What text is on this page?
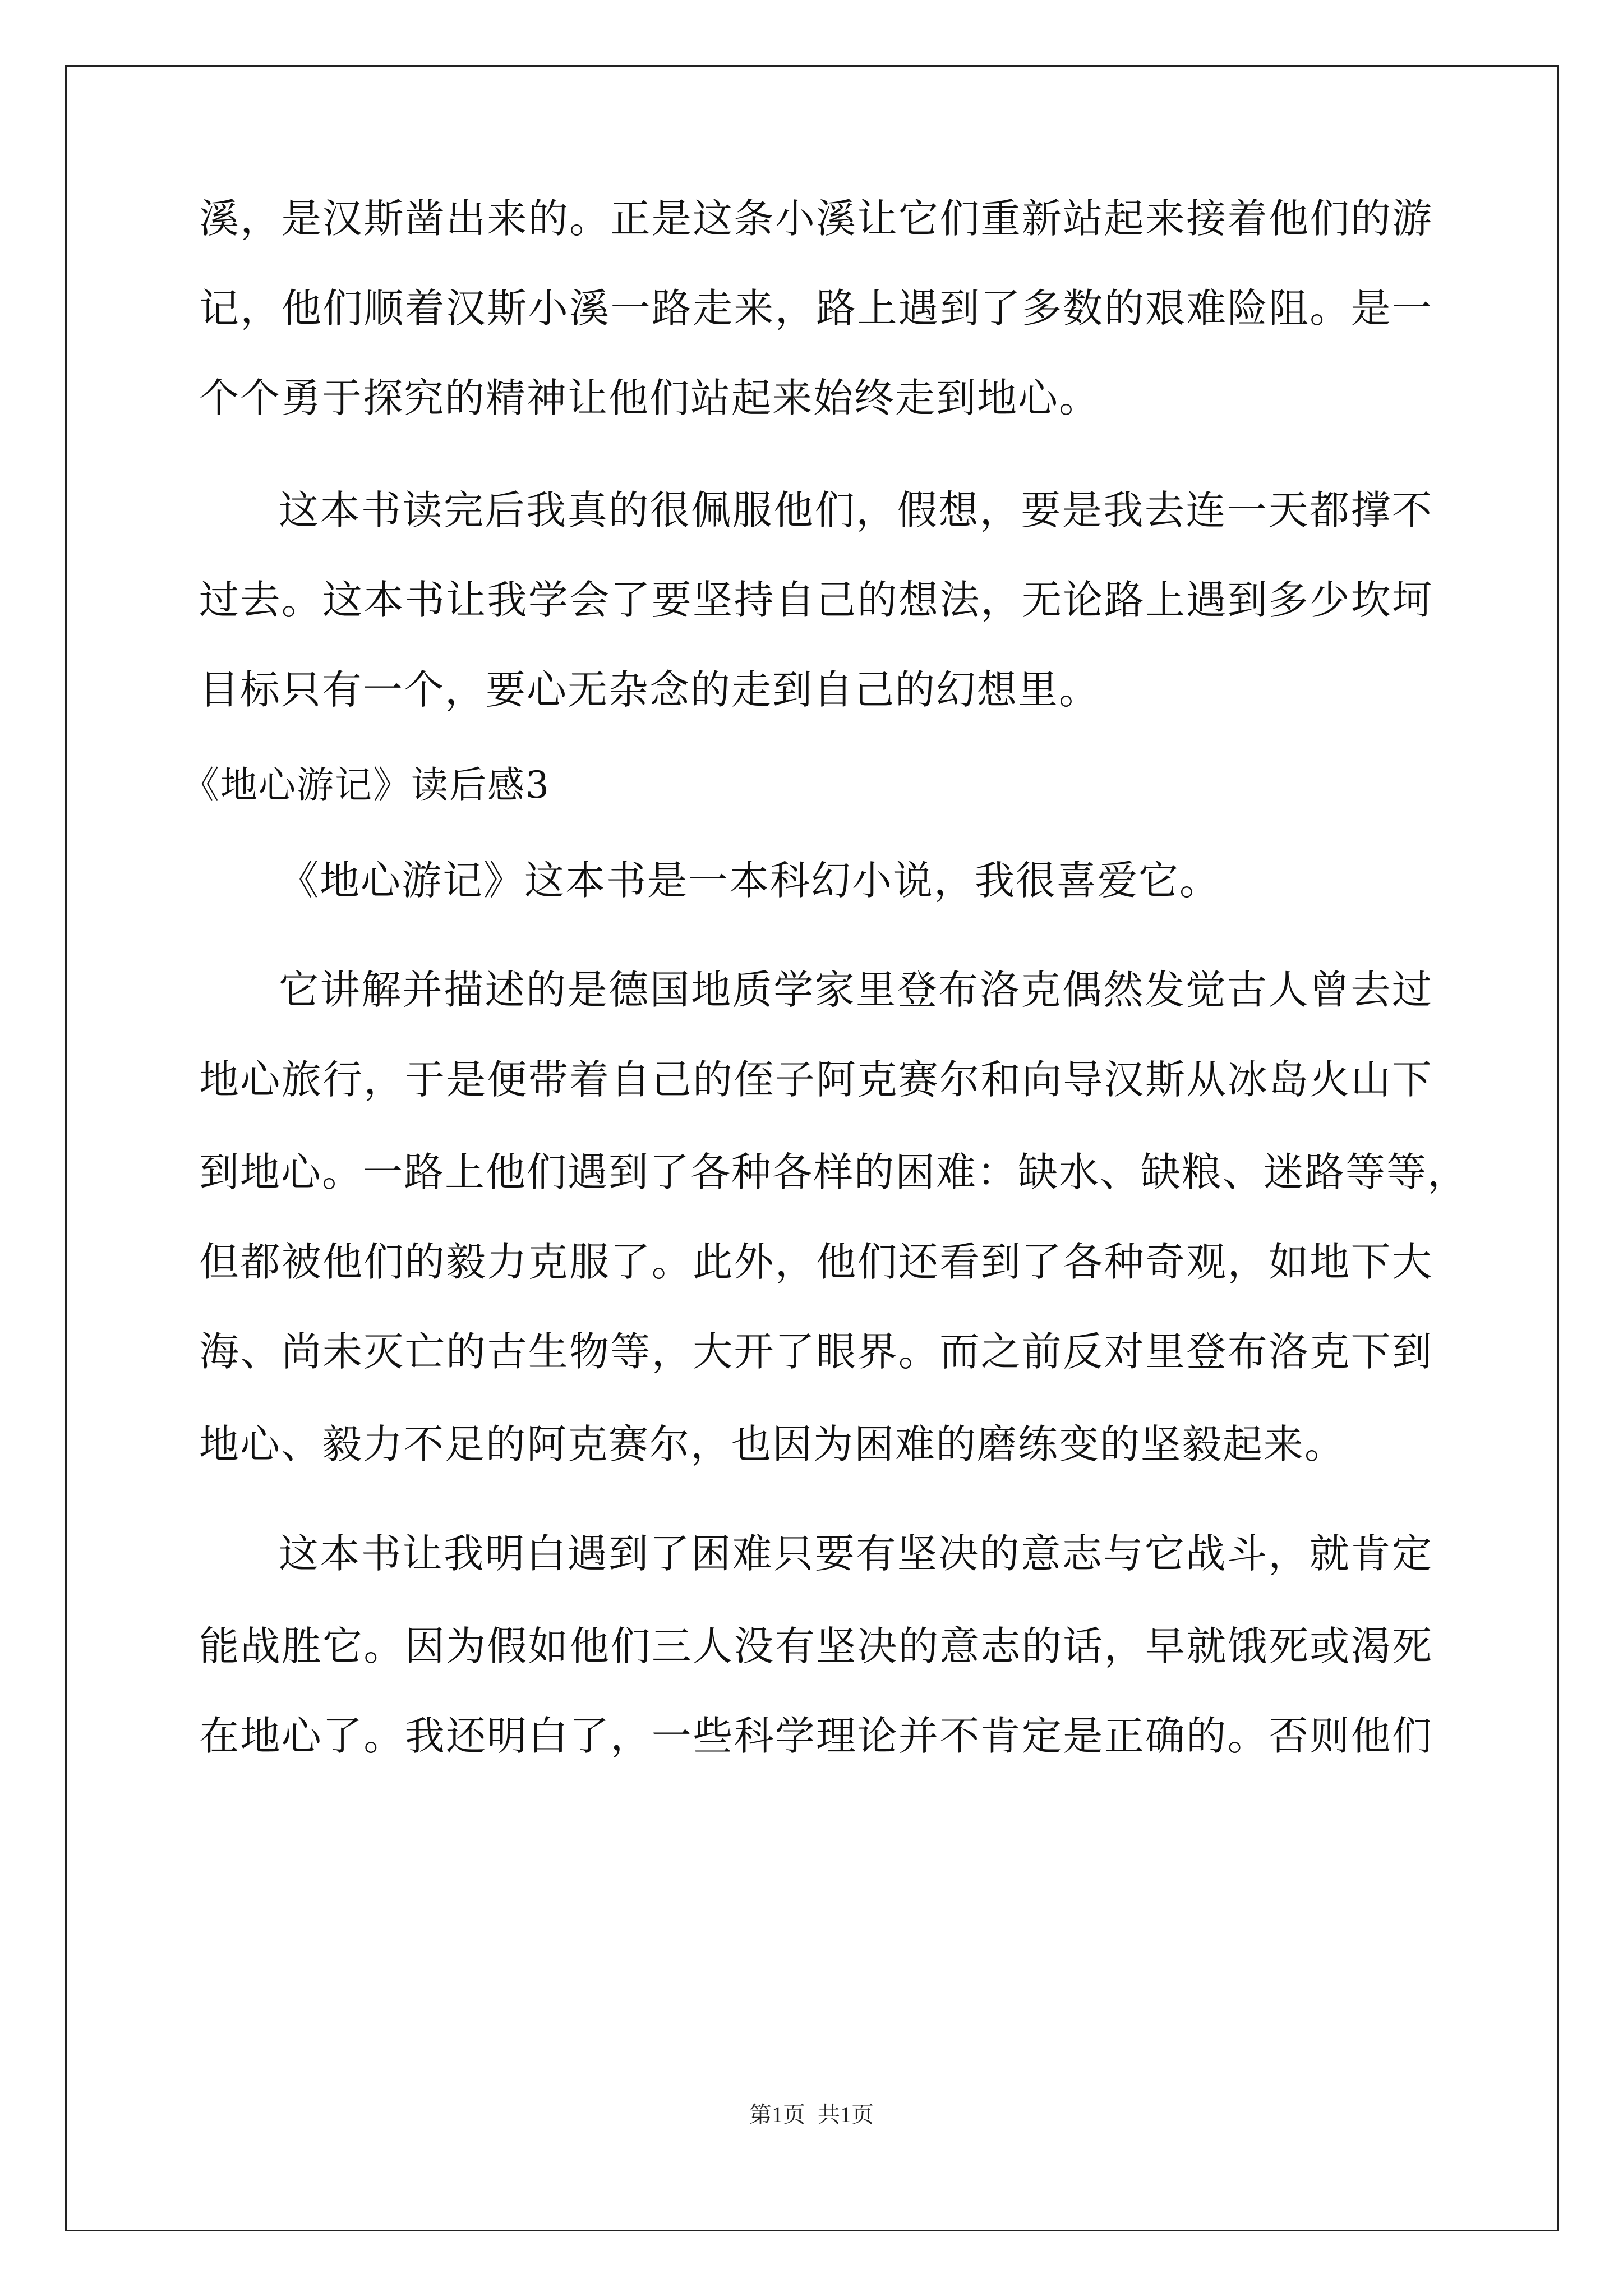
溪，是汉斯凿出来的。正是这条小溪让它们重新站起来接着他们的游
记，他们顺着汉斯小溪一路走来，路上遇到了多数的艰难险阻。是一
个个勇于探究的精神让他们站起来始终走到地心。
这本书读完后我真的很佩服他们，假想，要是我去连一天都撑不
过去。这本书让我学会了要坚持自己的想法，无论路上遇到多少坎坷
目标只有一个，要心无杂念的走到自己的幻想里。
《地心游记》读后感3
《地心游记》这本书是一本科幻小说，我很喜爱它。
它讲解并描述的是德国地质学家里登布洛克偶然发觉古人曾去过
地心旅行，于是便带着自己的侄子阿克赛尔和向导汉斯从冰岛火山下
到地心。一路上他们遇到了各种各样的困难：缺水、缺粮、迷路等等，
但都被他们的毅力克服了。此外，他们还看到了各种奇观，如地下大
海、尚未灭亡的古生物等，大开了眼界。而之前反对里登布洛克下到
地心、毅力不足的阿克赛尔，也因为困难的磨练变的坚毅起来。
这本书让我明白遇到了困难只要有坚决的意志与它战斗，就肯定
能战胜它。因为假如他们三人没有坚决的意志的话，早就饿死或渴死
在地心了。我还明白了，一些科学理论并不肯定是正确的。否则他们
第1页 共1页
